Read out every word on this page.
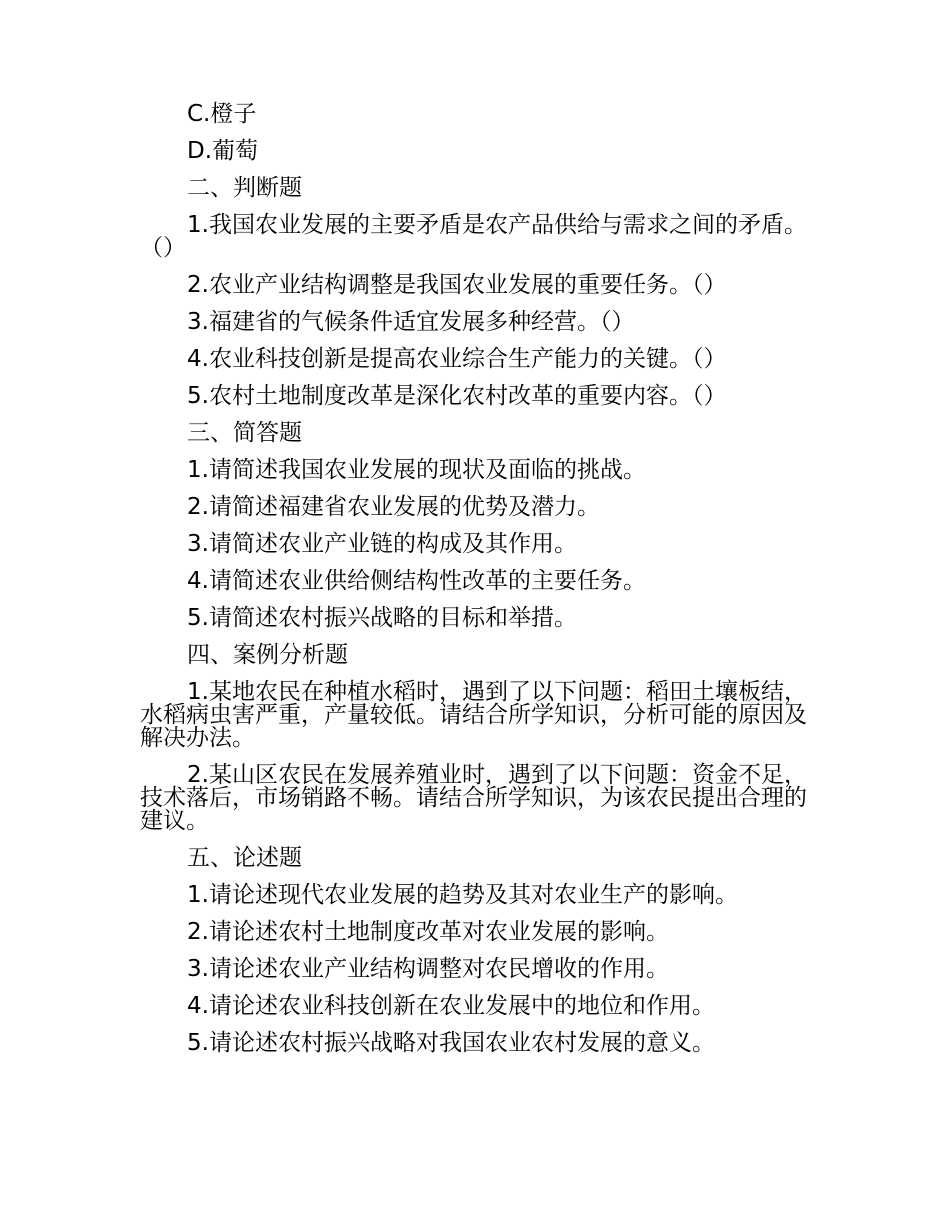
C.橙子

D.葡萄

二、判断题

1.我国农业发展的主要矛盾是农产品供给与需求之间的矛盾。（）

2.农业产业结构调整是我国农业发展的重要任务。（）

3.福建省的气候条件适宜发展多种经营。（）

4.农业科技创新是提高农业综合生产能力的关键。（）

5.农村土地制度改革是深化农村改革的重要内容。（）

三、简答题

1.请简述我国农业发展的现状及面临的挑战。

2.请简述福建省农业发展的优势及潜力。

3.请简述农业产业链的构成及其作用。

4.请简述农业供给侧结构性改革的主要任务。

5.请简述农村振兴战略的目标和举措。

四、案例分析题

1.某地农民在种植水稻时，遇到了以下问题：稻田土壤板结，水稻病虫害严重，产量较低。请结合所学知识，分析可能的原因及解决办法。

2.某山区农民在发展养殖业时，遇到了以下问题：资金不足，技术落后，市场销路不畅。请结合所学知识，为该农民提出合理的建议。

五、论述题

1.请论述现代农业发展的趋势及其对农业生产的影响。

2.请论述农村土地制度改革对农业发展的影响。

3.请论述农业产业结构调整对农民增收的作用。

4.请论述农业科技创新在农业发展中的地位和作用。

5.请论述农村振兴战略对我国农业农村发展的意义。
